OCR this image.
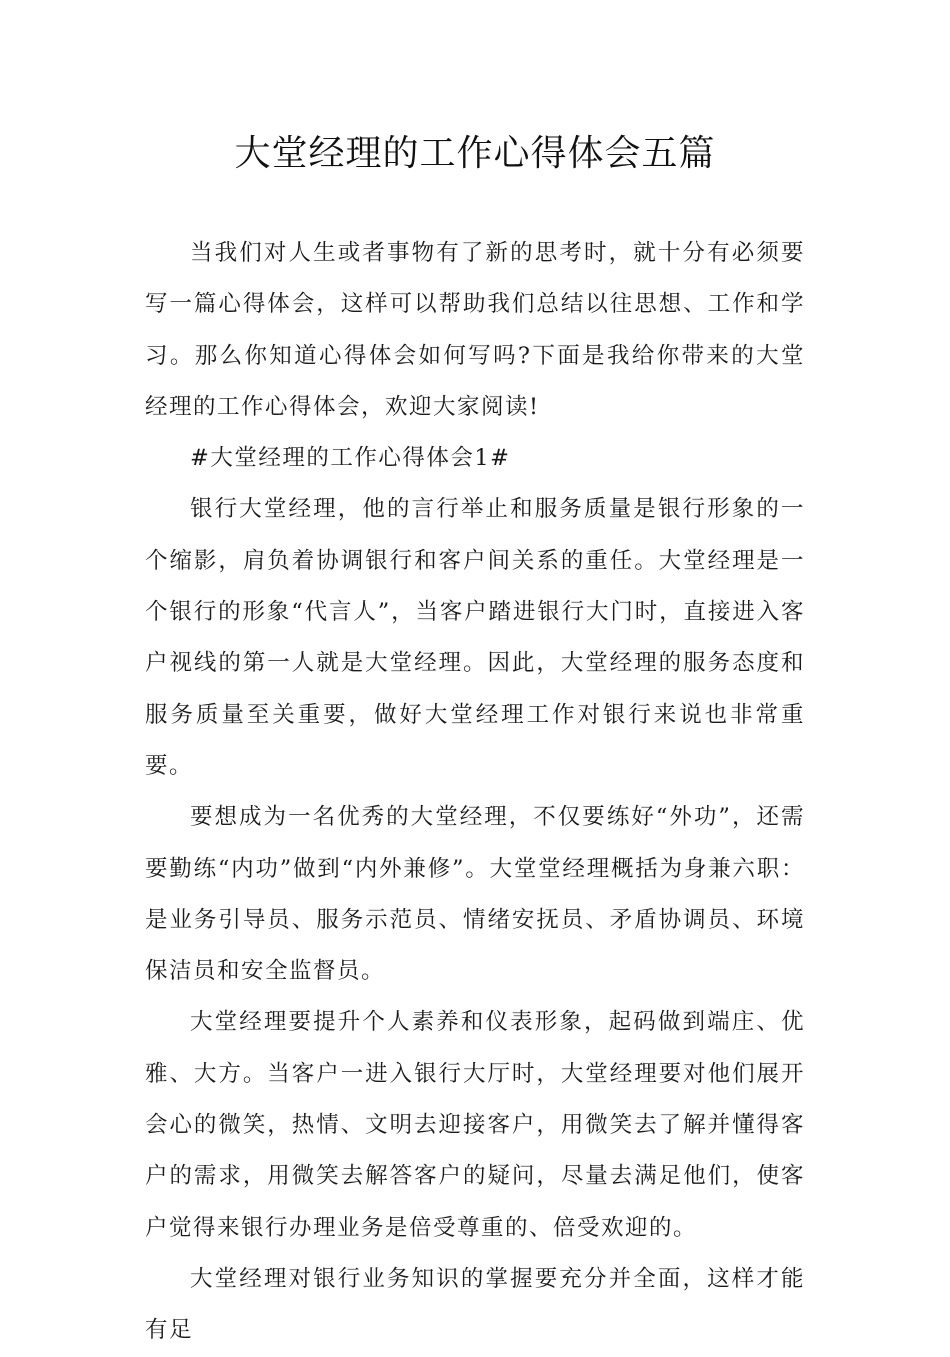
大堂经理的工作心得体会五篇

当我们对人生或者事物有了新的思考时，就十分有必须要写一篇心得体会，这样可以帮助我们总结以往思想、工作和学习。那么你知道心得体会如何写吗?下面是我给你带来的大堂经理的工作心得体会，欢迎大家阅读!

#大堂经理的工作心得体会1#

银行大堂经理，他的言行举止和服务质量是银行形象的一个缩影，肩负着协调银行和客户间关系的重任。大堂经理是一个银行的形象“代言人”，当客户踏进银行大门时，直接进入客户视线的第一人就是大堂经理。因此，大堂经理的服务态度和服务质量至关重要，做好大堂经理工作对银行来说也非常重要。

要想成为一名优秀的大堂经理，不仅要练好“外功”，还需要勤练“内功”做到“内外兼修”。大堂堂经理概括为身兼六职：是业务引导员、服务示范员、情绪安抚员、矛盾协调员、环境保洁员和安全监督员。

大堂经理要提升个人素养和仪表形象，起码做到端庄、优雅、大方。当客户一进入银行大厅时，大堂经理要对他们展开会心的微笑，热情、文明去迎接客户，用微笑去了解并懂得客户的需求，用微笑去解答客户的疑问，尽量去满足他们，使客户觉得来银行办理业务是倍受尊重的、倍受欢迎的。

大堂经理对银行业务知识的掌握要充分并全面，这样才能有足
